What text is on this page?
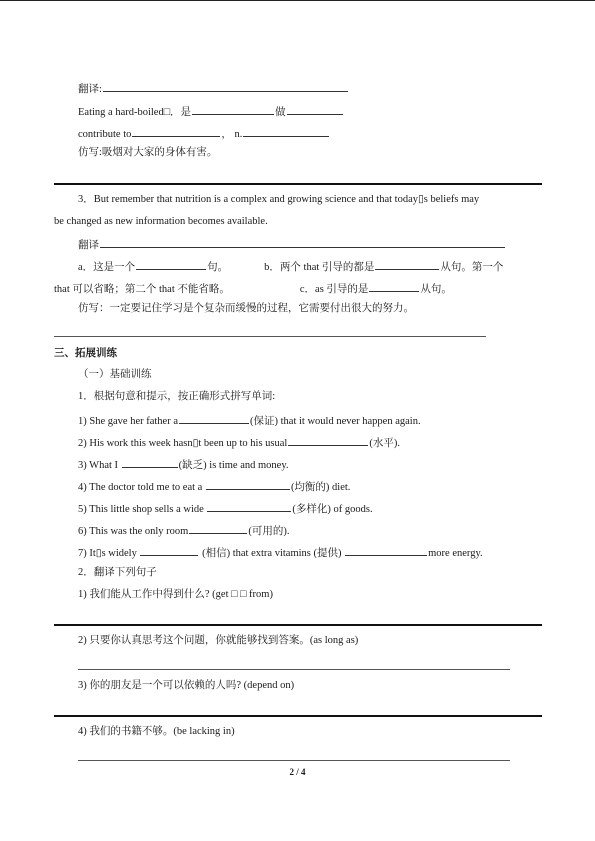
翻译:
Eating a hard-boiled□．是	做
contribute to	， n.
仿写:吸烟对大家的身体有害。
3．But remember that nutrition is a complex and growing science and that today▯s beliefs may
be changed as new information becomes available.
翻译
a．这是一个	句。	b．两个 that 引导的都是	从句。第一个
that 可以省略；第二个 that 不能省略。	c．as 引导的是	从句。
仿写：一定要记住学习是个复杂而缓慢的过程，它需要付出很大的努力。
三、拓展训练
（一）基础训练
1．根据句意和提示，按正确形式拼写单词:
1) She gave her father a	(保证) that it would never happen again.
2) His work this week hasn▯t been up to his usual	(水平).
3) What I	(缺乏) is time and money.
4) The doctor told me to eat a	(均衡的) diet.
5) This little shop sells a wide	(多样化) of goods.
6) This was the only room	(可用的).
7) It▯s widely	(相信) that extra vitamins (提供)	more energy.
2．翻译下列句子
1) 我们能从工作中得到什么? (get □ □ from)
2) 只要你认真思考这个问题，你就能够找到答案。(as long as)
3) 你的朋友是一个可以依赖的人吗? (depend on)
4) 我们的书籍不够。(be lacking in)
2 / 4
